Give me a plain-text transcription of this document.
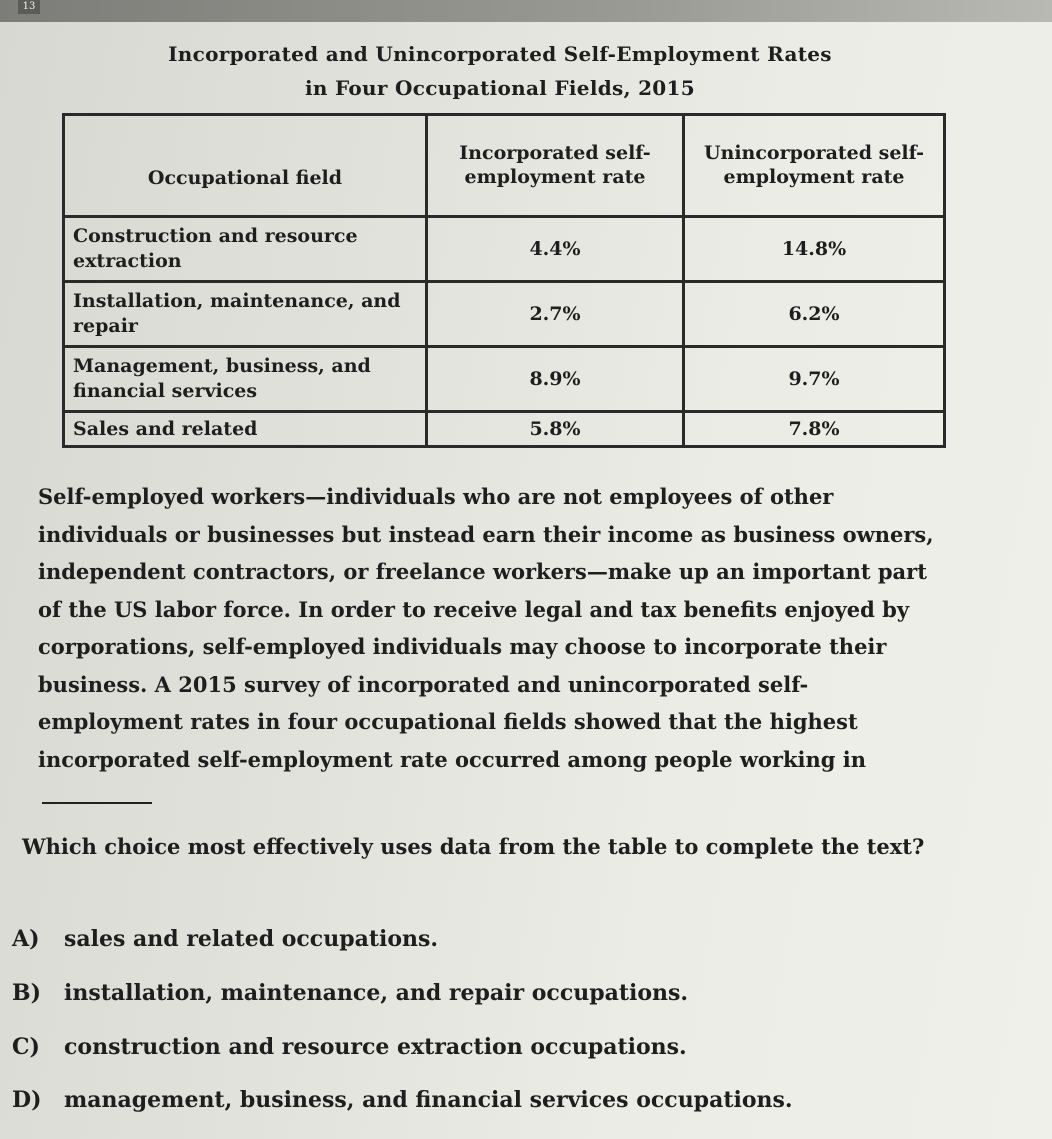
13
Incorporated and Unincorporated Self-Employment Rates
in Four Occupational Fields, 2015
Occupational field	Incorporated self-employment rate	Unincorporated self-employment rate
Construction and resource extraction	4.4%	14.8%
Installation, maintenance, and repair	2.7%	6.2%
Management, business, and financial services	8.9%	9.7%
Sales and related	5.8%	7.8%
Self-employed workers—individuals who are not employees of other individuals or businesses but instead earn their income as business owners, independent contractors, or freelance workers—make up an important part of the US labor force. In order to receive legal and tax benefits enjoyed by corporations, self-employed individuals may choose to incorporate their business. A 2015 survey of incorporated and unincorporated self-employment rates in four occupational fields showed that the highest incorporated self-employment rate occurred among people working in
Which choice most effectively uses data from the table to complete the text?
A) sales and related occupations.
B) installation, maintenance, and repair occupations.
C) construction and resource extraction occupations.
D) management, business, and financial services occupations.
